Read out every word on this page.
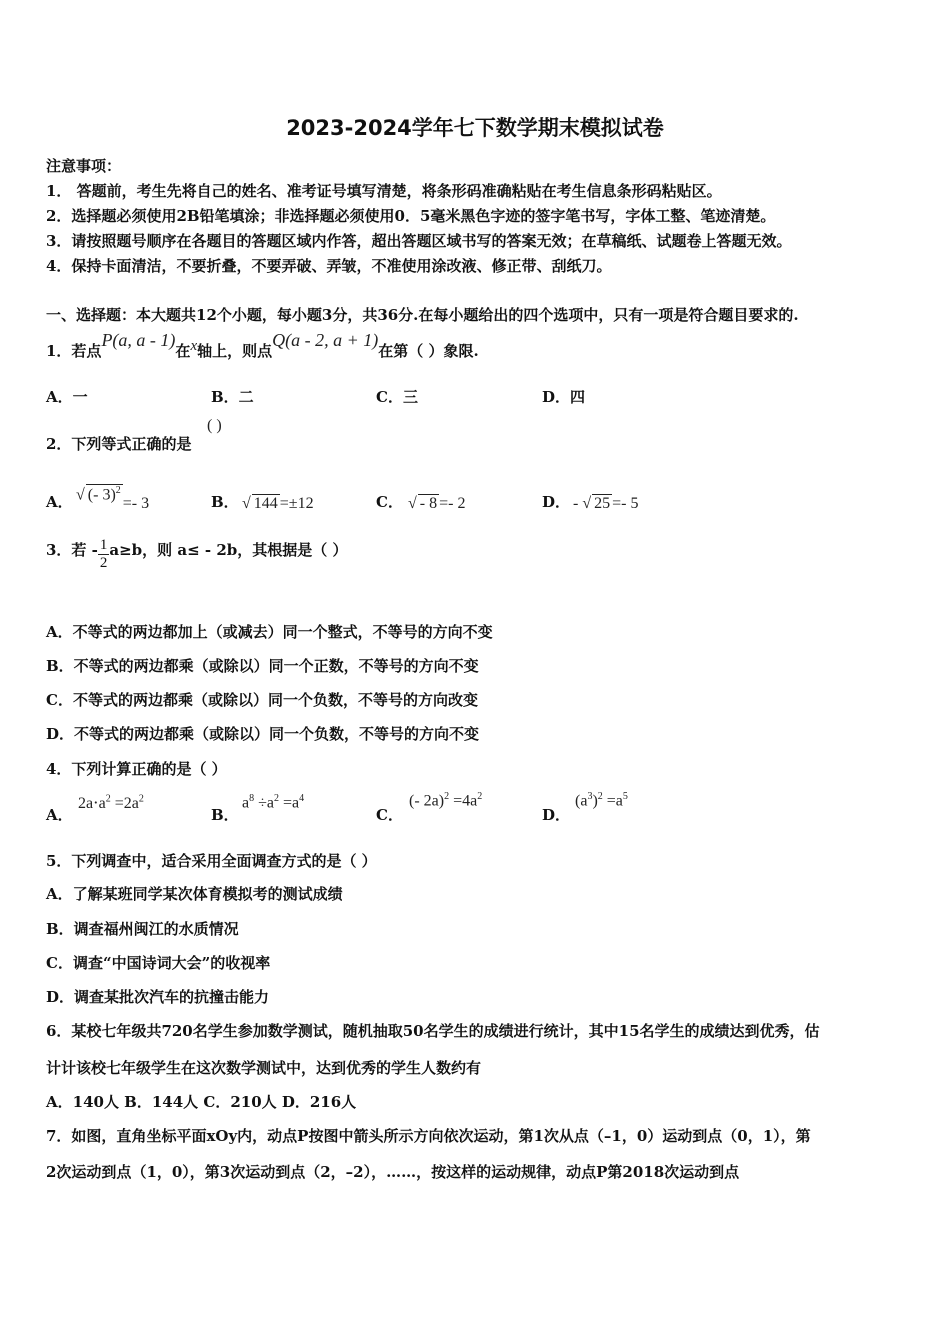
2023-2024学年七下数学期末模拟试卷
注意事项：
1． 答题前，考生先将自己的姓名、准考证号填写清楚，将条形码准确粘贴在考生信息条形码粘贴区。
2．选择题必须使用2B铅笔填涂；非选择题必须使用0．5毫米黑色字迹的签字笔书写，字体工整、笔迹清楚。
3．请按照题号顺序在各题目的答题区域内作答，超出答题区域书写的答案无效；在草稿纸、试题卷上答题无效。
4．保持卡面清洁，不要折叠，不要弄破、弄皱，不准使用涂改液、修正带、刮纸刀。
一、选择题：本大题共12个小题，每小题3分，共36分.在每小题给出的四个选项中，只有一项是符合题目要求的.
1．若点P(a, a - 1)在x轴上，则点Q(a - 2, a + 1)在第（ ）象限.
A．一	B．二	C．三	D．四
2．下列等式正确的是
( )
A． √ (- 3)$^2$=- 3	B． √ 144 =±12	C． √ - 8 =- 2	D． - √ 25 =- 5
3．若 - $\frac{1}{2} a\ge b$，则 a≤ - 2b，其根据是（ ）
A．不等式的两边都加上（或减去）同一个整式，不等号的方向不变
B．不等式的两边都乘（或除以）同一个正数，不等号的方向不变
C．不等式的两边都乘（或除以）同一个负数，不等号的方向改变
D．不等式的两边都乘（或除以）同一个负数，不等号的方向不变
4．下列计算正确的是（ ）
A．
$2a\cdot a^2 =2a^2$
B．
$a^8 \div a^2 =a^4$
C．
(- $2a)^2 =4a^2$
D．
$(a^3)^2 =a^5$
5．下列调查中，适合采用全面调查方式的是（ ）
A．了解某班同学某次体育模拟考的测试成绩
B．调查福州闽江的水质情况
C．调查“中国诗词大会”的收视率
D．调查某批次汽车的抗撞击能力
6．某校七年级共720名学生参加数学测试，随机抽取50名学生的成绩进行统计，其中15名学生的成绩达到优秀，估
计计该校七年级学生在这次数学测试中，达到优秀的学生人数约有
A．140人 B．144人 C．210人 D．216人
7．如图，直角坐标平面xOy内，动点P按图中箭头所示方向依次运动，第1次从点（–1，0）运动到点（0，1），第
2次运动到点（1，0），第3次运动到点（2，–2），……，按这样的运动规律，动点P第2018次运动到点
